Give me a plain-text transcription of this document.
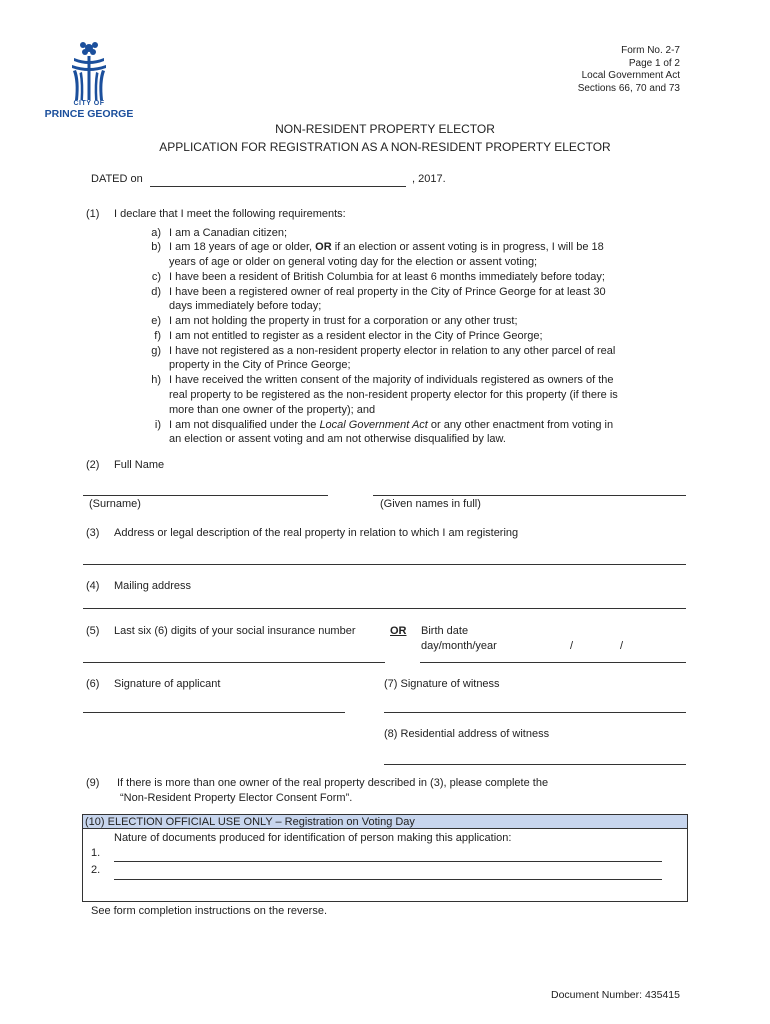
CITY OF
PRINCE GEORGE
Form No. 2-7
Page 1 of 2
Local Government Act
Sections 66, 70 and 73
NON-RESIDENT PROPERTY ELECTOR
APPLICATION FOR REGISTRATION AS A NON-RESIDENT PROPERTY ELECTOR
DATED on	, 2017.
(1) I declare that I meet the following requirements:
a) I am a Canadian citizen;
b) I am 18 years of age or older, OR if an election or assent voting is in progress, I will be 18
years of age or older on general voting day for the election or assent voting;
c) I have been a resident of British Columbia for at least 6 months immediately before today;
d) I have been a registered owner of real property in the City of Prince George for at least 30
days immediately before today;
e) I am not holding the property in trust for a corporation or any other trust;
f) I am not entitled to register as a resident elector in the City of Prince George;
g) I have not registered as a non-resident property elector in relation to any other parcel of real
property in the City of Prince George;
h) I have received the written consent of the majority of individuals registered as owners of the
real property to be registered as the non-resident property elector for this property (if there is
more than one owner of the property); and
i) I am not disqualified under the Local Government Act or any other enactment from voting in
an election or assent voting and am not otherwise disqualified by law.
(2) Full Name
(Surname)	(Given names in full)
(3) Address or legal description of the real property in relation to which I am registering
(4) Mailing address
(5) Last six (6) digits of your social insurance number	OR Birth date
day/month/year	/	/
(6) Signature of applicant	(7) Signature of witness
(8) Residential address of witness
(9) If there is more than one owner of the real property described in (3), please complete the
“Non-Resident Property Elector Consent Form”.
(10) ELECTION OFFICIAL USE ONLY – Registration on Voting Day
Nature of documents produced for identification of person making this application:
1.
2.
See form completion instructions on the reverse.
Document Number: 435415
